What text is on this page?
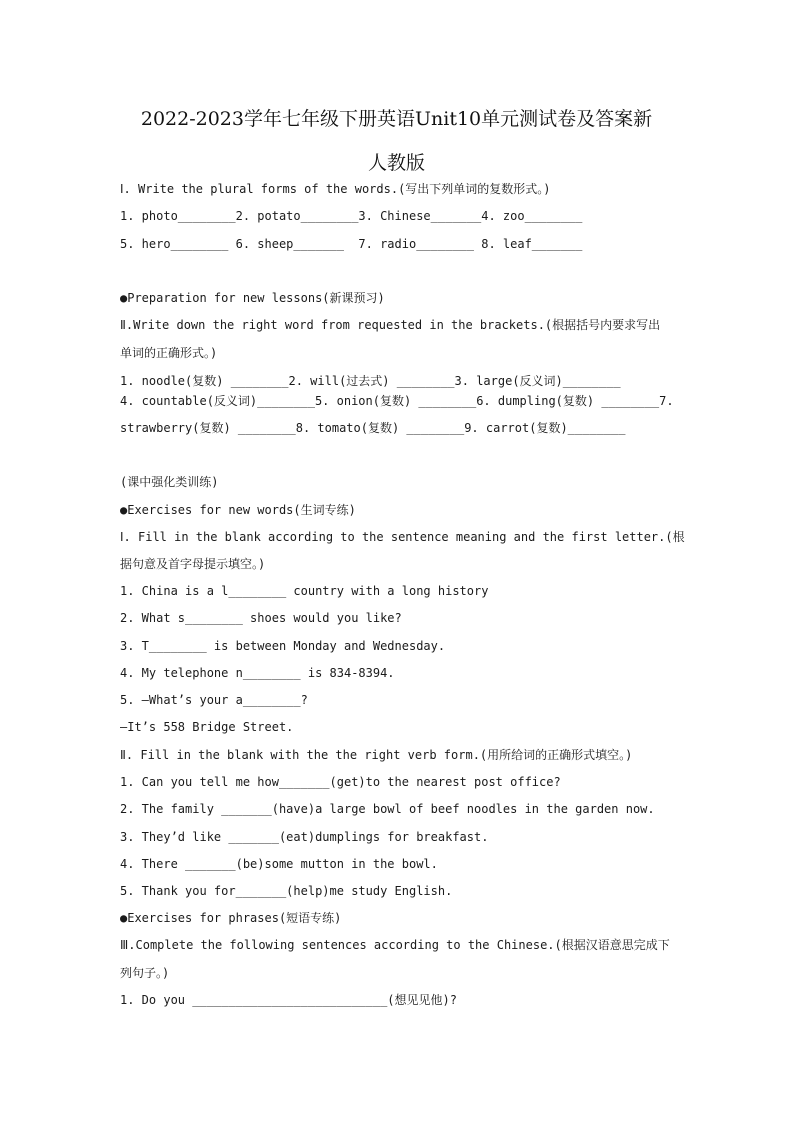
2022-2023学年七年级下册英语Unit10单元测试卷及答案新
人教版
Ⅰ. Write the plural forms of the words.(写出下列单词的复数形式。)
1. photo________2. potato________3. Chinese_______4. zoo________
5. hero________ 6. sheep_______  7. radio________ 8. leaf_______
●Preparation for new lessons(新课预习)
Ⅱ.Write down the right word from requested in the brackets.(根据括号内要求写出
单词的正确形式。)
1. noodle(复数) ________2. will(过去式) ________3. large(反义词)________
4. countable(反义词)________5. onion(复数) ________6. dumpling(复数) ________7.
strawberry(复数) ________8. tomato(复数) ________9. carrot(复数)________
(课中强化类训练)
●Exercises for new words(生词专练)
Ⅰ. Fill in the blank according to the sentence meaning and the first letter.(根
据句意及首字母提示填空。)
1. China is a l________ country with a long history
2. What s________ shoes would you like?
3. T________ is between Monday and Wednesday.
4. My telephone n________ is 834-8394.
5. —What’s your a________?
—It’s 558 Bridge Street.
Ⅱ. Fill in the blank with the the right verb form.(用所给词的正确形式填空。)
1. Can you tell me how_______(get)to the nearest post office?
2. The family _______(have)a large bowl of beef noodles in the garden now.
3. They’d like _______(eat)dumplings for breakfast.
4. There _______(be)some mutton in the bowl.
5. Thank you for_______(help)me study English.
●Exercises for phrases(短语专练)
Ⅲ.Complete the following sentences according to the Chinese.(根据汉语意思完成下
列句子。)
1. Do you ___________________________(想见见他)?
